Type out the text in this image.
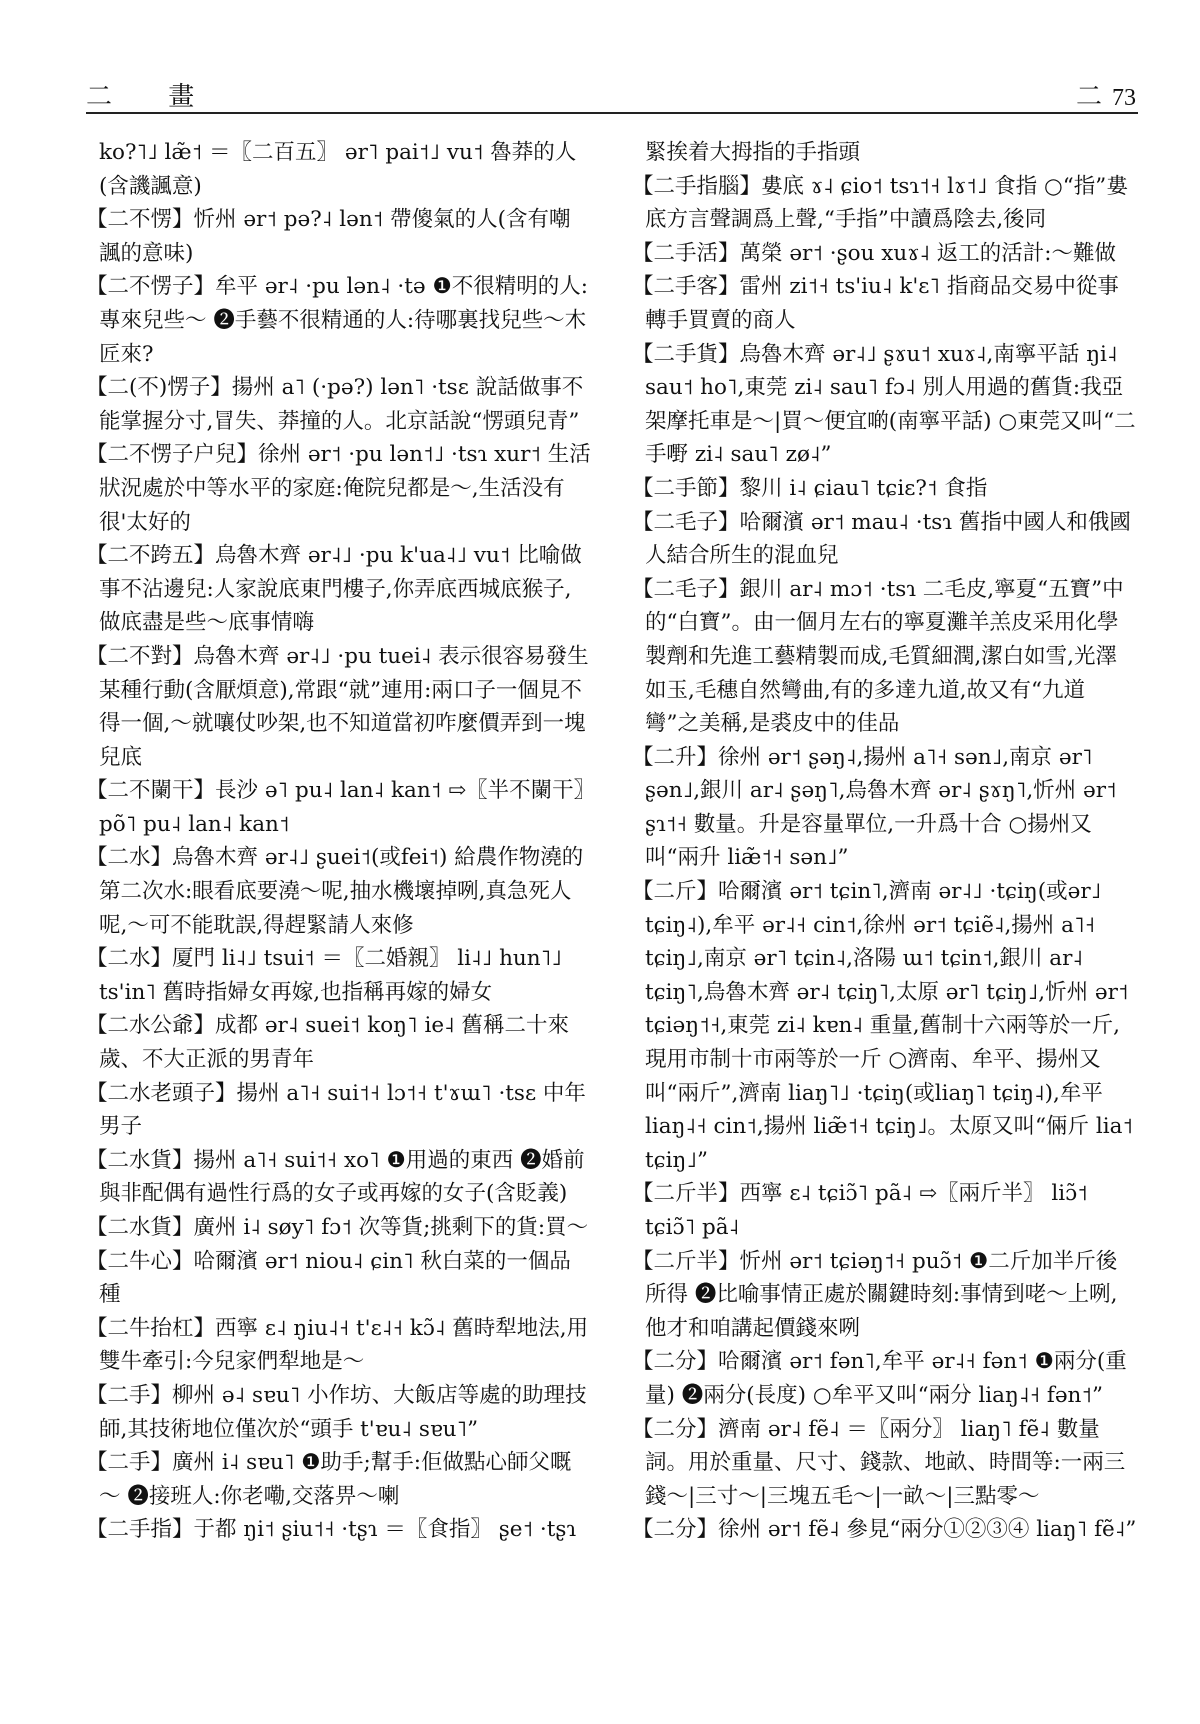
二 畫	二 73

ko?˥˩ læ̃˦ ＝〖二百五〗 ər˥ pai˦˩ vu˦ 魯莽的人(含譏諷意)

【二不愣】忻州 ər˦ pə?˨ lən˦ 帶傻氣的人(含有嘲諷的意味)

【二不愣子】牟平 ər˨ ·pu lən˨ ·tə ❶不很精明的人:專來兒些～ ❷手藝不很精通的人:待哪裏找兒些～木匠來?

【二(不)愣子】揚州 a˥ (·pə?) lən˥ ·tsɛ 說話做事不能掌握分寸,冒失、莽撞的人。北京話說“愣頭兒青”

【二不愣子户兒】徐州 ər˦ ·pu lən˦˩ ·tsɿ xur˦ 生活狀況處於中等水平的家庭:俺院兒都是～,生活没有很'太好的

【二不跨五】烏魯木齊 ər˨˩ ·pu k'ua˨˩ vu˦ 比喻做事不沾邊兒:人家說底東門樓子,你弄底西城底猴子,做底盡是些～底事情嗨

【二不對】烏魯木齊 ər˨˩ ·pu tuei˨ 表示很容易發生某種行動(含厭煩意),常跟“就”連用:兩口子一個見不得一個,～就嚷仗吵架,也不知道當初咋麼價弄到一塊兒底

【二不闌干】長沙 ə˥ pu˨ lan˨ kan˦ ⇨〖半不闌干〗põ˥ pu˨ lan˨ kan˦

【二水】烏魯木齊 ər˨˩ ʂuei˦(或fei˦) 給農作物澆的第二次水:眼看底要澆～呢,抽水機壞掉咧,真急死人呢,～可不能耽誤,得趕緊請人來修

【二水】厦門 li˨˩ tsui˦ ＝〖二婚親〗 li˨˩ hun˥˩ ts'in˥ 舊時指婦女再嫁,也指稱再嫁的婦女

【二水公爺】成都 ər˨ suei˦ koŋ˥ ie˨ 舊稱二十來歲、不大正派的男青年

【二水老頭子】揚州 a˥˧ sui˦˧ lɔ˦˧ t'ɤɯ˥ ·tsɛ 中年男子

【二水貨】揚州 a˥˧ sui˦˧ xo˥ ❶用過的東西 ❷婚前與非配偶有過性行爲的女子或再嫁的女子(含貶義)

【二水貨】廣州 i˨ søy˥ fɔ˦ 次等貨;挑剩下的貨:買～

【二牛心】哈爾濱 ər˦ niou˨ ɕin˥ 秋白菜的一個品種

【二牛抬杠】西寧 ɛ˨ ŋiu˨˧ t'ɛ˨˧ kɔ̃˨ 舊時犁地法,用雙牛牽引:今兒家們犁地是～

【二手】柳州 ə˨ sɐu˥ 小作坊、大飯店等處的助理技師,其技術地位僅次於“頭手 t'ɐu˨ sɐu˥”

【二手】廣州 i˨ sɐu˥ ❶助手;幫手:佢做點心師父嘅～ ❷接班人:你老嘞,交落畀～喇

【二手指】于都 ŋi˦ ʂiu˦˧ ·tʂɿ ＝〖食指〗 ʂe˦ ·tʂɿ

緊挨着大拇指的手指頭

【二手指腦】婁底 ɤ˨ ɕio˦ tsɿ˦˧ lɤ˦˩ 食指 ○“指”婁底方言聲調爲上聲,“手指”中讀爲陰去,後同

【二手活】萬榮 ər˦ ·ʂou xuɤ˨ 返工的活計:～難做

【二手客】雷州 zi˦˧ ts'iu˨ k'ɛ˥ 指商品交易中從事轉手買賣的商人

【二手貨】烏魯木齊 ər˨˩ ʂɤu˦ xuɤ˨,南寧平話 ŋi˨ sau˦ ho˥,東莞 zi˨ sau˥ fɔ˨ 別人用過的舊貨:我亞架摩托車是～|買～便宜啲(南寧平話) ○東莞又叫“二手嘢 zi˨ sau˥ zø˨”

【二手節】黎川 i˨ ɕiau˥ tɕiɛ?˦ 食指

【二毛子】哈爾濱 ər˦ mau˨ ·tsɿ 舊指中國人和俄國人結合所生的混血兒

【二毛子】銀川 ar˨ mɔ˦ ·tsɿ 二毛皮,寧夏“五寶”中的“白寶”。由一個月左右的寧夏灘羊羔皮采用化學製劑和先進工藝精製而成,毛質細潤,潔白如雪,光澤如玉,毛穗自然彎曲,有的多達九道,故又有“九道彎”之美稱,是裘皮中的佳品

【二升】徐州 ər˦ ʂəŋ˨,揚州 a˥˧ sən˩,南京 ər˥ ʂən˩,銀川 ar˨ ʂəŋ˥,烏魯木齊 ər˨ ʂɤŋ˥,忻州 ər˦ ʂɿ˦˧ 數量。升是容量單位,一升爲十合 ○揚州又叫“兩升 liæ̃˦˧ sən˩”

【二斤】哈爾濱 ər˦ tɕin˥,濟南 ər˨˩ ·tɕiŋ(或ər˩ tɕiŋ˨),牟平 ər˨˧ cin˦,徐州 ər˦ tɕiẽ˨,揚州 a˥˧ tɕiŋ˩,南京 ər˥ tɕin˨,洛陽 ɯ˦ tɕin˦,銀川 ar˨ tɕiŋ˥,烏魯木齊 ər˨ tɕiŋ˥,太原 ər˥ tɕiŋ˩,忻州 ər˦ tɕiəŋ˦˧,東莞 zi˨ kɐn˨ 重量,舊制十六兩等於一斤,現用市制十市兩等於一斤 ○濟南、牟平、揚州又叫“兩斤”,濟南 liaŋ˥˩ ·tɕiŋ(或liaŋ˥ tɕiŋ˨),牟平 liaŋ˨˧ cin˦,揚州 liæ̃˦˧ tɕiŋ˩。太原又叫“倆斤 lia˦ tɕiŋ˩”

【二斤半】西寧 ɛ˨ tɕiɔ̃˥ pã˨ ⇨〖兩斤半〗 liɔ̃˦ tɕiɔ̃˥ pã˨

【二斤半】忻州 ər˦ tɕiəŋ˦˧ puɔ̃˦ ❶二斤加半斤後所得 ❷比喻事情正處於關鍵時刻:事情到咾～上咧,他才和咱講起價錢來咧

【二分】哈爾濱 ər˦ fən˥,牟平 ər˨˧ fən˦ ❶兩分(重量) ❷兩分(長度) ○牟平又叫“兩分 liaŋ˨˧ fən˦”

【二分】濟南 ər˨ fẽ˨ ＝〖兩分〗 liaŋ˥ fẽ˨ 數量詞。用於重量、尺寸、錢款、地畝、時間等:一兩三錢～|三寸～|三塊五毛～|一畝～|三點零～

【二分】徐州 ər˦ fẽ˨ 參見“兩分①②③④ liaŋ˥ fẽ˨”
